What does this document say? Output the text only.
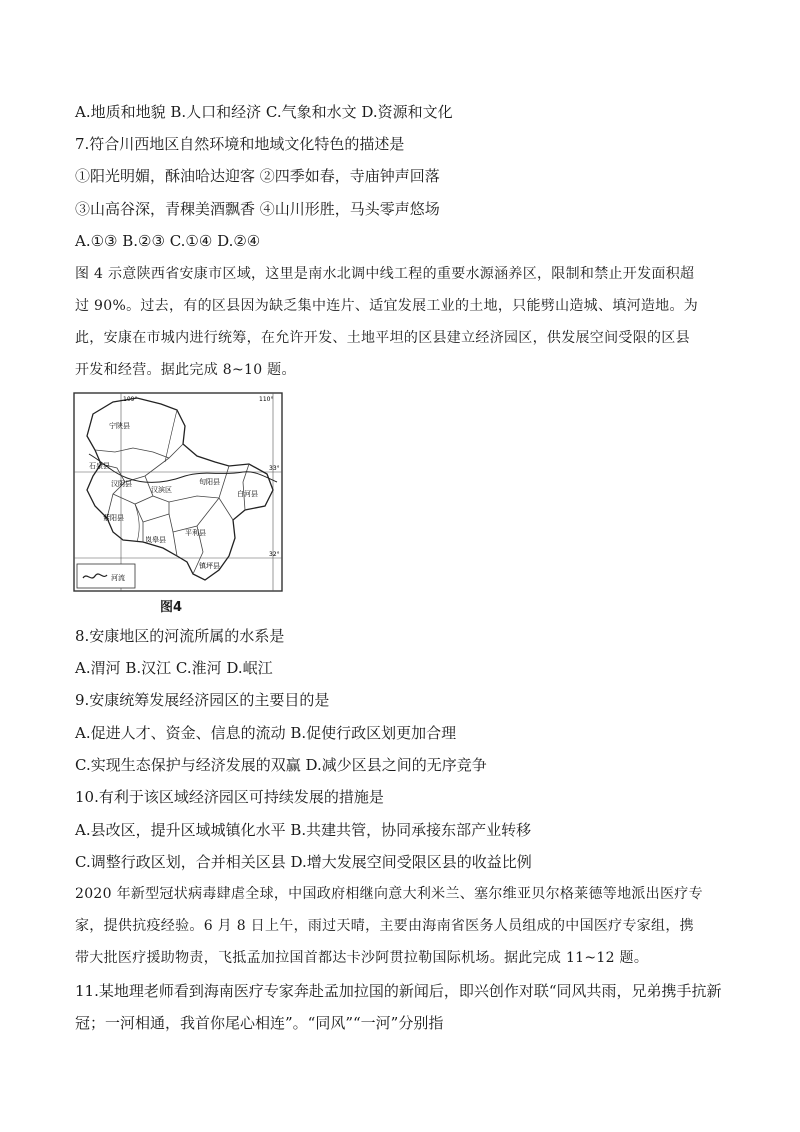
A.地质和地貌 B.人口和经济 C.气象和水文 D.资源和文化
7.符合川西地区自然环境和地域文化特色的描述是
①阳光明媚，酥油哈达迎客 ②四季如春，寺庙钟声回落
③山高谷深，青稞美酒飘香 ④山川形胜，马头零声悠场
A.①③ B.②③ C.①④ D.②④
图 4 示意陕西省安康市区域，这里是南水北调中线工程的重要水源涵养区，限制和禁止开发面积超
过 90%。过去，有的区县因为缺乏集中连片、适宜发展工业的土地，只能劈山造城、填河造地。为
此，安康在市城内进行统筹，在允许开发、土地平坦的区县建立经济园区，供发展空间受限的区县
开发和经营。据此完成 8~10 题。
109°	110°
33°
32°
宁陕县
石泉县
汉阴县
汉滨区
旬阳县
白河县
紫阳县
平利县
岚皋县
镇坪县
河流
图4
8.安康地区的河流所属的水系是
A.渭河 B.汉江 C.淮河 D.岷江
9.安康统筹发展经济园区的主要目的是
A.促进人才、资金、信息的流动 B.促使行政区划更加合理
C.实现生态保护与经济发展的双赢 D.减少区县之间的无序竞争
10.有利于该区域经济园区可持续发展的措施是
A.县改区，提升区域城镇化水平 B.共建共管，协同承接东部产业转移
C.调整行政区划，合并相关区县 D.增大发展空间受限区县的收益比例
2020 年新型冠状病毒肆虐全球，中国政府相继向意大利米兰、塞尔维亚贝尔格莱德等地派出医疗专
家，提供抗疫经验。6 月 8 日上午，雨过天晴，主要由海南省医务人员组成的中国医疗专家组，携
带大批医疗援助物责，飞抵孟加拉国首都达卡沙阿贯拉勒国际机场。据此完成 11~12 题。
11.某地理老师看到海南医疗专家奔赴孟加拉国的新闻后，即兴创作对联“同风共雨，兄弟携手抗新
冠；一河相通，我首你尾心相连”。“同风”“一河”分别指
